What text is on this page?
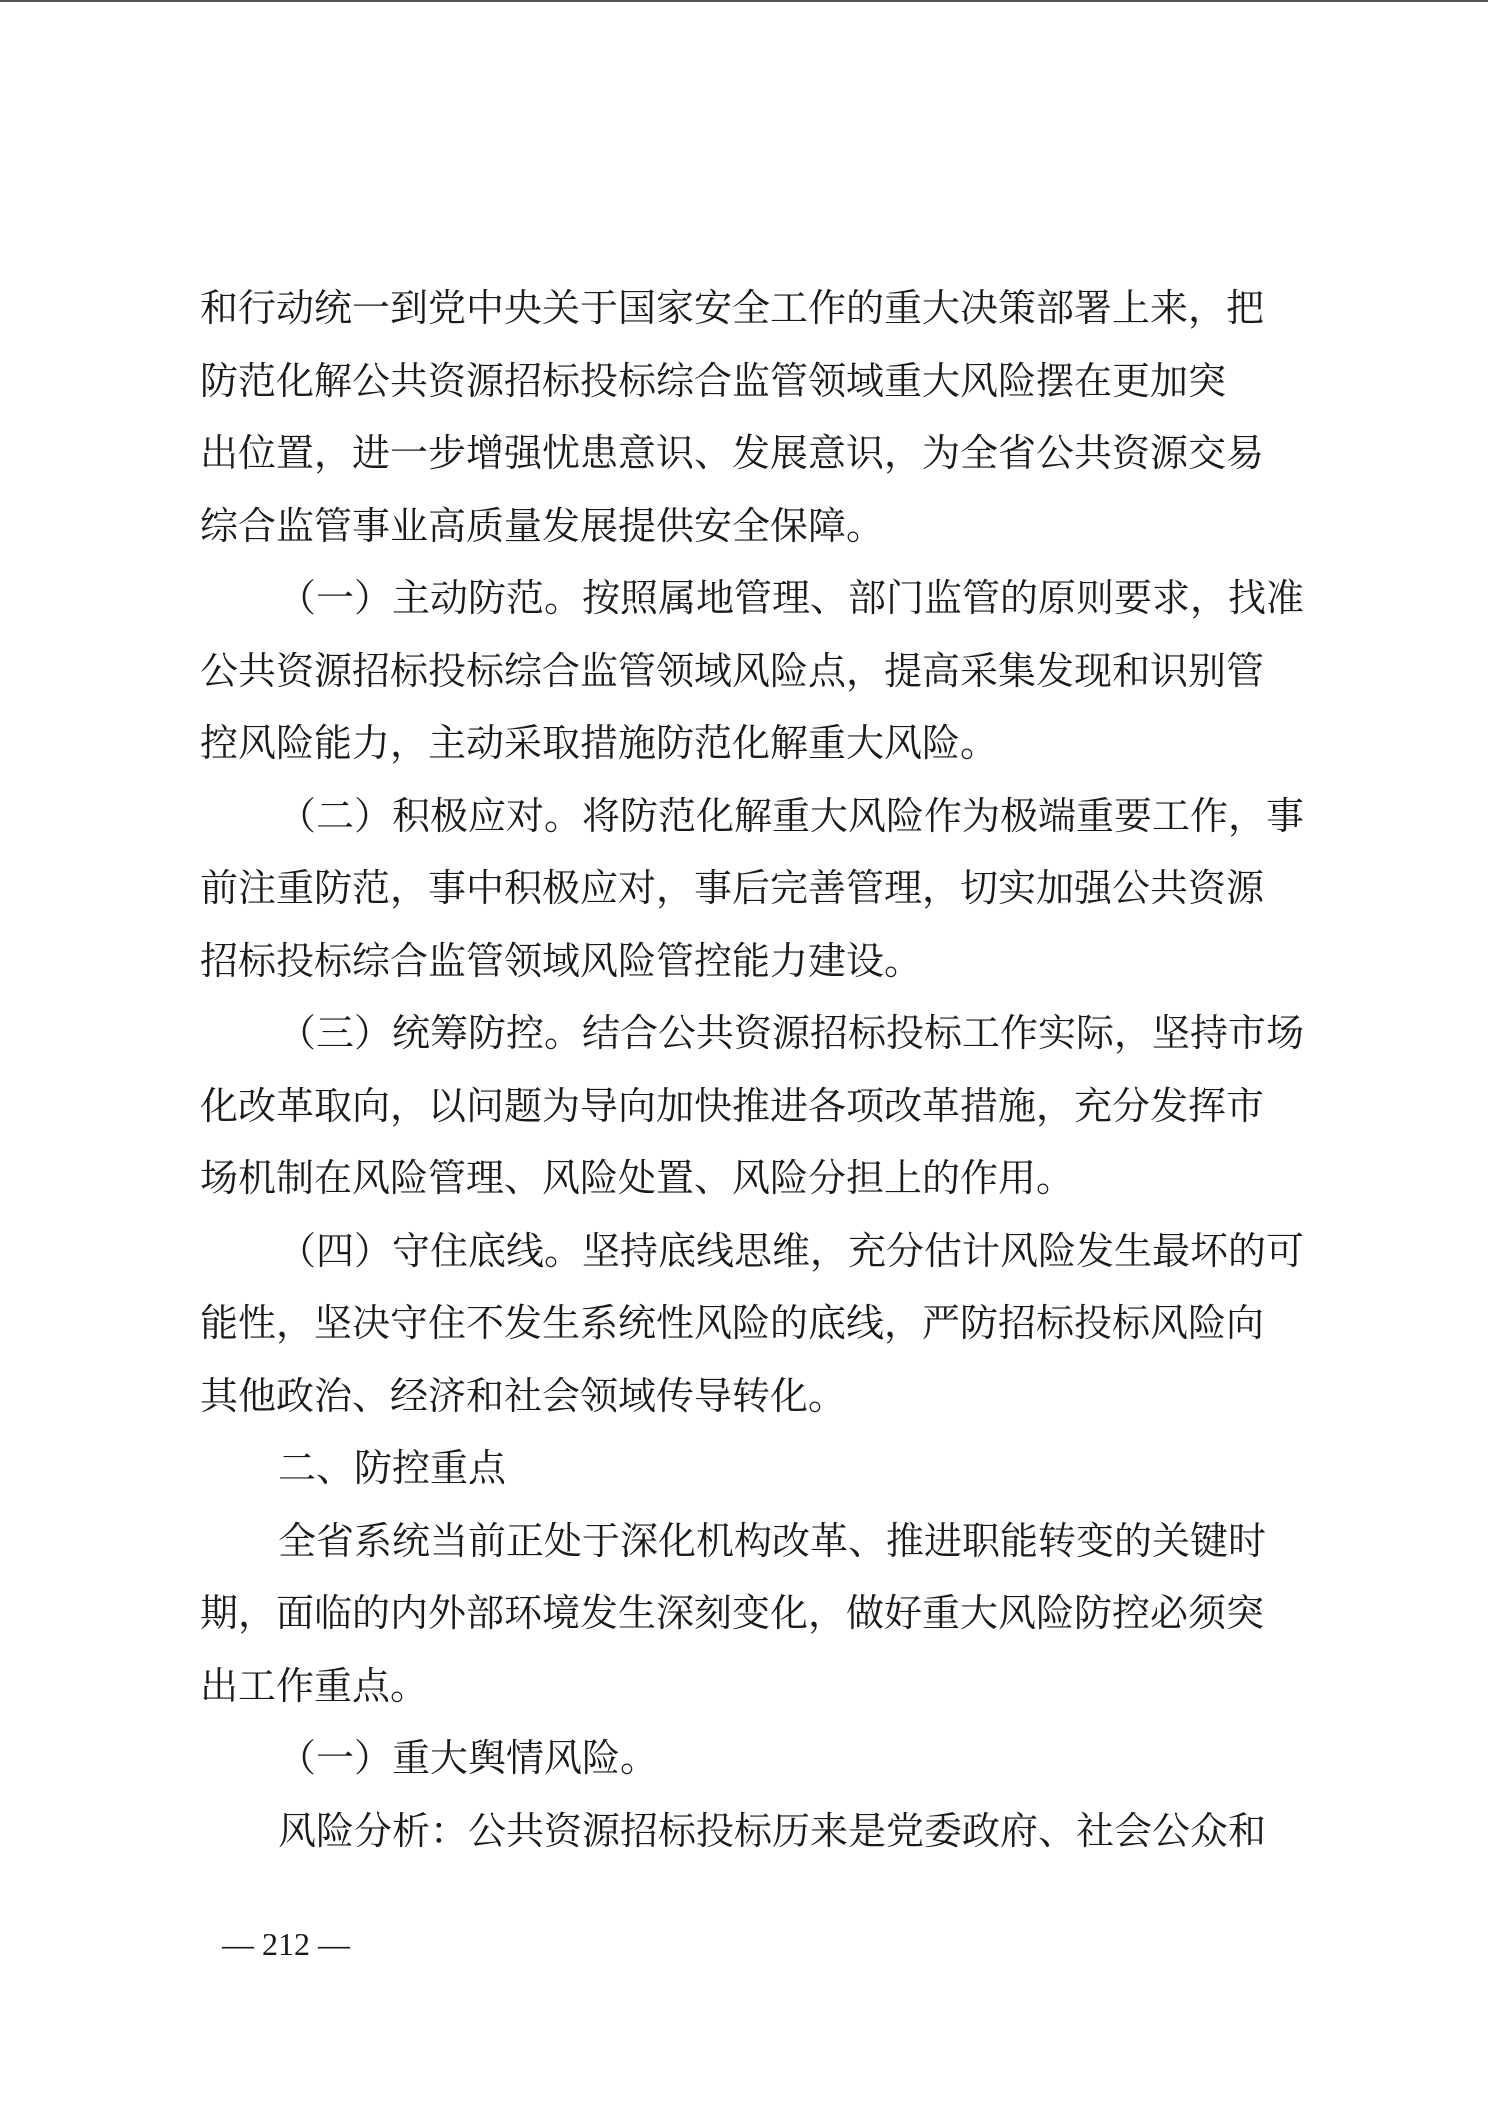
和行动统一到党中央关于国家安全工作的重大决策部署上来，把
防范化解公共资源招标投标综合监管领域重大风险摆在更加突
出位置，进一步增强忧患意识、发展意识，为全省公共资源交易
综合监管事业高质量发展提供安全保障。
（一）主动防范。按照属地管理、部门监管的原则要求，找准
公共资源招标投标综合监管领域风险点，提高采集发现和识别管
控风险能力，主动采取措施防范化解重大风险。
（二）积极应对。将防范化解重大风险作为极端重要工作，事
前注重防范，事中积极应对，事后完善管理，切实加强公共资源
招标投标综合监管领域风险管控能力建设。
（三）统筹防控。结合公共资源招标投标工作实际，坚持市场
化改革取向，以问题为导向加快推进各项改革措施，充分发挥市
场机制在风险管理、风险处置、风险分担上的作用。
（四）守住底线。坚持底线思维，充分估计风险发生最坏的可
能性，坚决守住不发生系统性风险的底线，严防招标投标风险向
其他政治、经济和社会领域传导转化。
二、防控重点
全省系统当前正处于深化机构改革、推进职能转变的关键时
期，面临的内外部环境发生深刻变化，做好重大风险防控必须突
出工作重点。
（一）重大舆情风险。
风险分析：公共资源招标投标历来是党委政府、社会公众和
— 212 —
